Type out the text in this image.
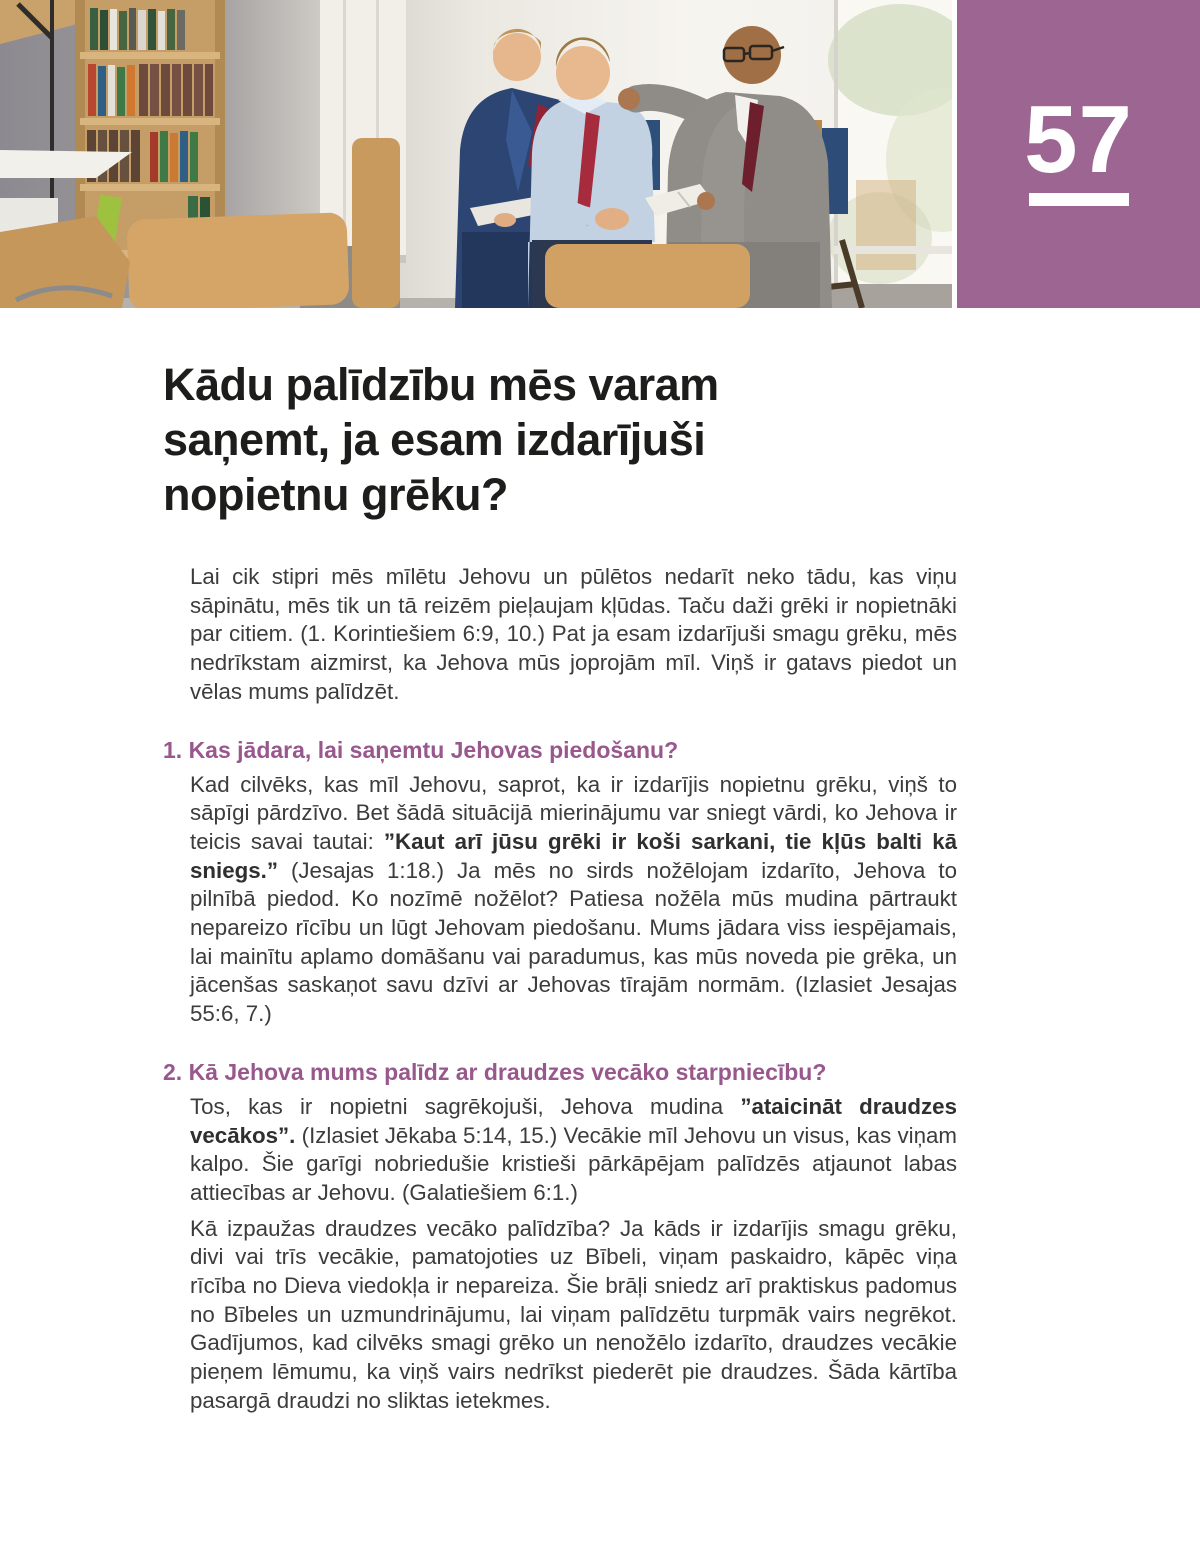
57
Kādu palīdzību mēs varam
saņemt, ja esam izdarījuši
nopietnu grēku?

Lai cik stipri mēs mīlētu Jehovu un pūlētos nedarīt neko tādu, kas viņu sāpinātu, mēs tik un tā reizēm pieļaujam kļūdas. Taču daži grēki ir nopietnāki par citiem. (1. Korintiešiem 6:9, 10.) Pat ja esam izdarījuši smagu grēku, mēs nedrīkstam aizmirst, ka Jehova mūs joprojām mīl. Viņš ir gatavs piedot un vēlas mums palīdzēt.

1. Kas jādara, lai saņemtu Jehovas piedošanu?

Kad cilvēks, kas mīl Jehovu, saprot, ka ir izdarījis nopietnu grēku, viņš to sāpīgi pārdzīvo. Bet šādā situācijā mierinājumu var sniegt vārdi, ko Jehova ir teicis savai tautai: ”Kaut arī jūsu grēki ir koši sarkani, tie kļūs balti kā sniegs.” (Jesajas 1:18.) Ja mēs no sirds nožēlojam izdarīto, Jehova to pilnībā piedod. Ko nozīmē nožēlot? Patiesa nožēla mūs mudina pārtraukt nepareizo rīcību un lūgt Jehovam piedošanu. Mums jādara viss iespējamais, lai mainītu aplamo domāšanu vai paradumus, kas mūs noveda pie grēka, un jācenšas saskaņot savu dzīvi ar Jehovas tīrajām normām. (Izlasiet Jesajas 55:6, 7.)

2. Kā Jehova mums palīdz ar draudzes vecāko starpniecību?

Tos, kas ir nopietni sagrēkojuši, Jehova mudina ”ataicināt draudzes vecākos”. (Izlasiet Jēkaba 5:14, 15.) Vecākie mīl Jehovu un visus, kas viņam kalpo. Šie garīgi nobriedušie kristieši pārkāpējam palīdzēs atjaunot labas attiecības ar Jehovu. (Galatiešiem 6:1.)

Kā izpaužas draudzes vecāko palīdzība? Ja kāds ir izdarījis smagu grēku, divi vai trīs vecākie, pamatojoties uz Bībeli, viņam paskaidro, kāpēc viņa rīcība no Dieva viedokļa ir nepareiza. Šie brāļi sniedz arī praktiskus padomus no Bībeles un uzmundrinājumu, lai viņam palīdzētu turpmāk vairs negrēkot. Gadījumos, kad cilvēks smagi grēko un nenožēlo izdarīto, draudzes vecākie pieņem lēmumu, ka viņš vairs nedrīkst piederēt pie draudzes. Šāda kārtība pasargā draudzi no sliktas ietekmes.
